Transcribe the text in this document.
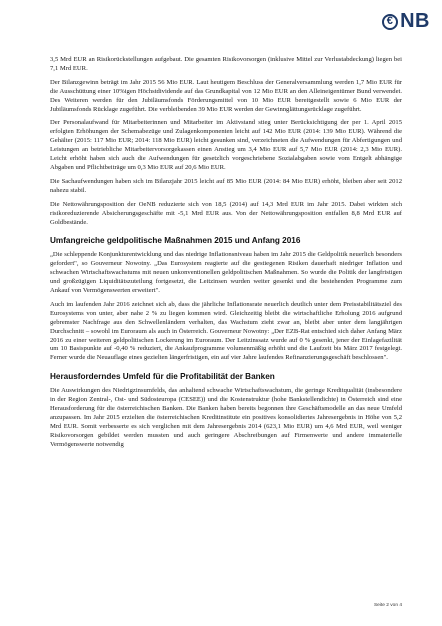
€ NB

3,5 Mrd EUR an Risikorückstellungen aufgebaut. Die gesamten Risikovorsorgen (inklusive Mittel zur Verlustabdeckung) liegen bei 7,1 Mrd EUR.

Der Bilanzgewinn beträgt im Jahr 2015 56 Mio EUR. Laut heutigem Beschluss der Generalversammlung werden 1,7 Mio EUR für die Ausschüttung einer 10%igen Höchstdividende auf das Grundkapital von 12 Mio EUR an den Alleineigentümer Bund verwendet. Des Weiteren werden für den Jubiläumsfonds Förderungsmittel von 10 Mio EUR bereitgestellt sowie 6 Mio EUR der Jubiläumsfonds Rücklage zugeführt. Die verbleibenden 39 Mio EUR werden der Gewinnglättungsrücklage zugeführt.

Der Personalaufwand für Mitarbeiterinnen und Mitarbeiter im Aktivstand stieg unter Berücksichtigung der per 1. April 2015 erfolgten Erhöhungen der Schemabezüge und Zulagenkomponenten leicht auf 142 Mio EUR (2014: 139 Mio EUR). Während die Gehälter (2015: 117 Mio EUR; 2014: 118 Mio EUR) leicht gesunken sind, verzeichneten die Aufwendungen für Abfertigungen und Leistungen an betriebliche Mitarbeitervorsorgekassen einen Anstieg um 3,4 Mio EUR auf 5,7 Mio EUR (2014: 2,3 Mio EUR). Leicht erhöht haben sich auch die Aufwendungen für gesetzlich vorgeschriebene Sozialabgaben sowie vom Entgelt abhängige Abgaben und Pflichtbeiträge um 0,3 Mio EUR auf 20,6 Mio EUR.

Die Sachaufwendungen haben sich im Bilanzjahr 2015 leicht auf 85 Mio EUR (2014: 84 Mio EUR) erhöht, bleiben aber seit 2012 nahezu stabil.

Die Nettowährungsposition der OeNB reduzierte sich von 18,5 (2014) auf 14,3 Mrd EUR im Jahr 2015. Dabei wirkten sich risikoreduzierende Absicherungsgeschäfte mit -5,1 Mrd EUR aus. Von der Nettowährungsposition entfallen 8,8 Mrd EUR auf Goldbestände.

Umfangreiche geldpolitische Maßnahmen 2015 und Anfang 2016

„Die schleppende Konjunkturentwicklung und das niedrige Inflationsniveau haben im Jahr 2015 die Geldpolitik neuerlich besonders gefordert", so Gouverneur Nowotny. „Das Eurosystem reagierte auf die gestiegenen Risiken dauerhaft niedriger Inflation und schwachen Wirtschaftswachstums mit neuen unkonventionellen geldpolitischen Maßnahmen. So wurde die Politik der langfristigen und großzügigen Liquiditätszuteilung fortgesetzt, die Leitzinsen wurden weiter gesenkt und die bestehenden Programme zum Ankauf von Vermögenswerten erweitert".

Auch im laufenden Jahr 2016 zeichnet sich ab, dass die jährliche Inflationsrate neuerlich deutlich unter dem Preisstabilitätsziel des Eurosystems von unter, aber nahe 2 % zu liegen kommen wird. Gleichzeitig bleibt die wirtschaftliche Erholung 2016 aufgrund gebremster Nachfrage aus den Schwellenländern verhalten, das Wachstum zieht zwar an, bleibt aber unter dem langjährigen Durchschnitt – sowohl im Euroraum als auch in Österreich. Gouverneur Nowotny: „Der EZB-Rat entschied sich daher Anfang März 2016 zu einer weiteren geldpolitischen Lockerung im Euroraum. Der Leitzinssatz wurde auf 0 % gesenkt, jener der Einlagefazilität um 10 Basispunkte auf -0,40 % reduziert, die Ankaufprogramme volumenmäßig erhöht und die Laufzeit bis März 2017 festgelegt. Ferner wurde die Neuauflage eines gezielten längerfristigen, ein auf vier Jahre laufendes Refinanzierungsgeschäft beschlossen".

Herausforderndes Umfeld für die Profitabilität der Banken

Die Auswirkungen des Niedrigzinsumfelds, das anhaltend schwache Wirtschaftswachstum, die geringe Kreditqualität (insbesondere in der Region Zentral-, Ost- und Südosteuropa (CESEE)) und die Kostenstruktur (hohe Bankstellendichte) in Österreich sind eine Herausforderung für die österreichischen Banken. Die Banken haben bereits begonnen ihre Geschäftsmodelle an das neue Umfeld anzupassen. Im Jahr 2015 erzielten die österreichischen Kreditinstitute ein positives konsolidiertes Jahresergebnis in Höhe von 5,2 Mrd EUR. Somit verbesserte es sich verglichen mit dem Jahresergebnis 2014 (623,1 Mio EUR) um 4,6 Mrd EUR, weil weniger Risikovorsorgen gebildet werden mussten und auch geringere Abschreibungen auf Firmenwerte und andere immaterielle Vermögenswerte notwendig

Seite 2 von 4
